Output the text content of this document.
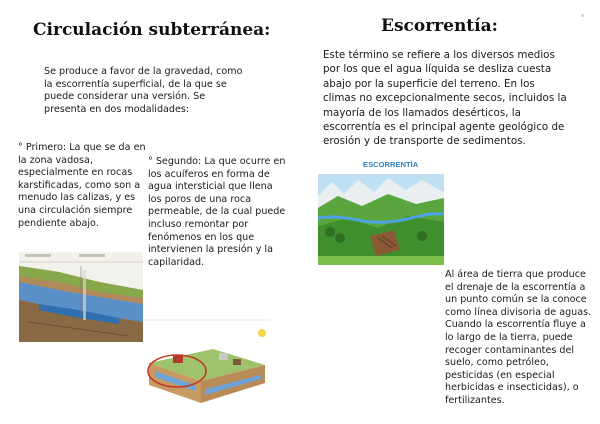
Circulación subterránea:	Escorrentía:
Se produce a favor de la gravedad, como la escorrentía superficial, de la que se puede considerar una versión. Se presenta en dos modalidades:
° Primero: La que se da en la zona vadosa, especialmente en rocas karstificadas, como son a menudo las calizas, y es una circulación siempre pendiente abajo.
° Segundo: La que ocurre en los acuíferos en forma de agua intersticial que llena los poros de una roca permeable, de la cual puede incluso remontar por fenómenos en los que intervienen la presión y la capilaridad.
Este término se refiere a los diversos medios por los que el agua líquida se desliza cuesta abajo por la superficie del terreno. En los climas no excepcionalmente secos, incluidos la mayoría de los llamados desérticos, la escorrentía es el principal agente geológico de erosión y de transporte de sedimentos.
ESCORRENTÍA
Al área de tierra que produce el drenaje de la escorrentía a un punto común se la conoce como línea divisoria de aguas. Cuando la escorrentía fluye a lo largo de la tierra, puede recoger contaminantes del suelo, como petróleo, pesticidas (en especial herbicidas e insecticidas), o fertilizantes.
